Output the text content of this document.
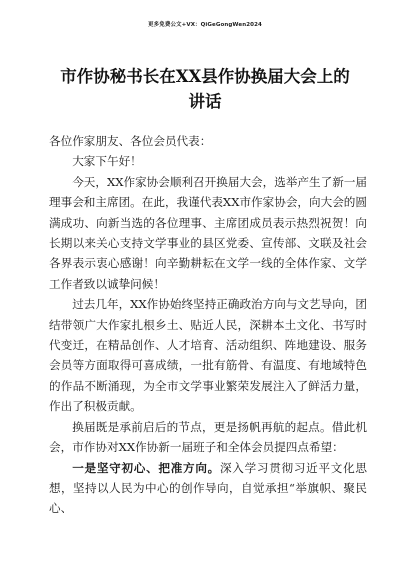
更多免费公文+VX：QiGeGongWen2024
市作协秘书长在XX县作协换届大会上的
讲话

各位作家朋友、各位会员代表：

大家下午好！

今天，XX作家协会顺利召开换届大会，选举产生了新一届理事会和主席团。在此，我谨代表XX市作家协会，向大会的圆满成功、向新当选的各位理事、主席团成员表示热烈祝贺！向长期以来关心支持文学事业的县区党委、宣传部、文联及社会各界表示衷心感谢！向辛勤耕耘在文学一线的全体作家、文学工作者致以诚挚问候！

过去几年，XX作协始终坚持正确政治方向与文艺导向，团结带领广大作家扎根乡土、贴近人民，深耕本土文化、书写时代变迁，在精品创作、人才培育、活动组织、阵地建设、服务会员等方面取得可喜成绩，一批有筋骨、有温度、有地域特色的作品不断涌现，为全市文学事业繁荣发展注入了鲜活力量，作出了积极贡献。

换届既是承前启后的节点，更是扬帆再航的起点。借此机会，市作协对XX作协新一届班子和全体会员提四点希望：

一是坚守初心、把准方向。深入学习贯彻习近平文化思想，坚持以人民为中心的创作导向，自觉承担“举旗帜、聚民心、
